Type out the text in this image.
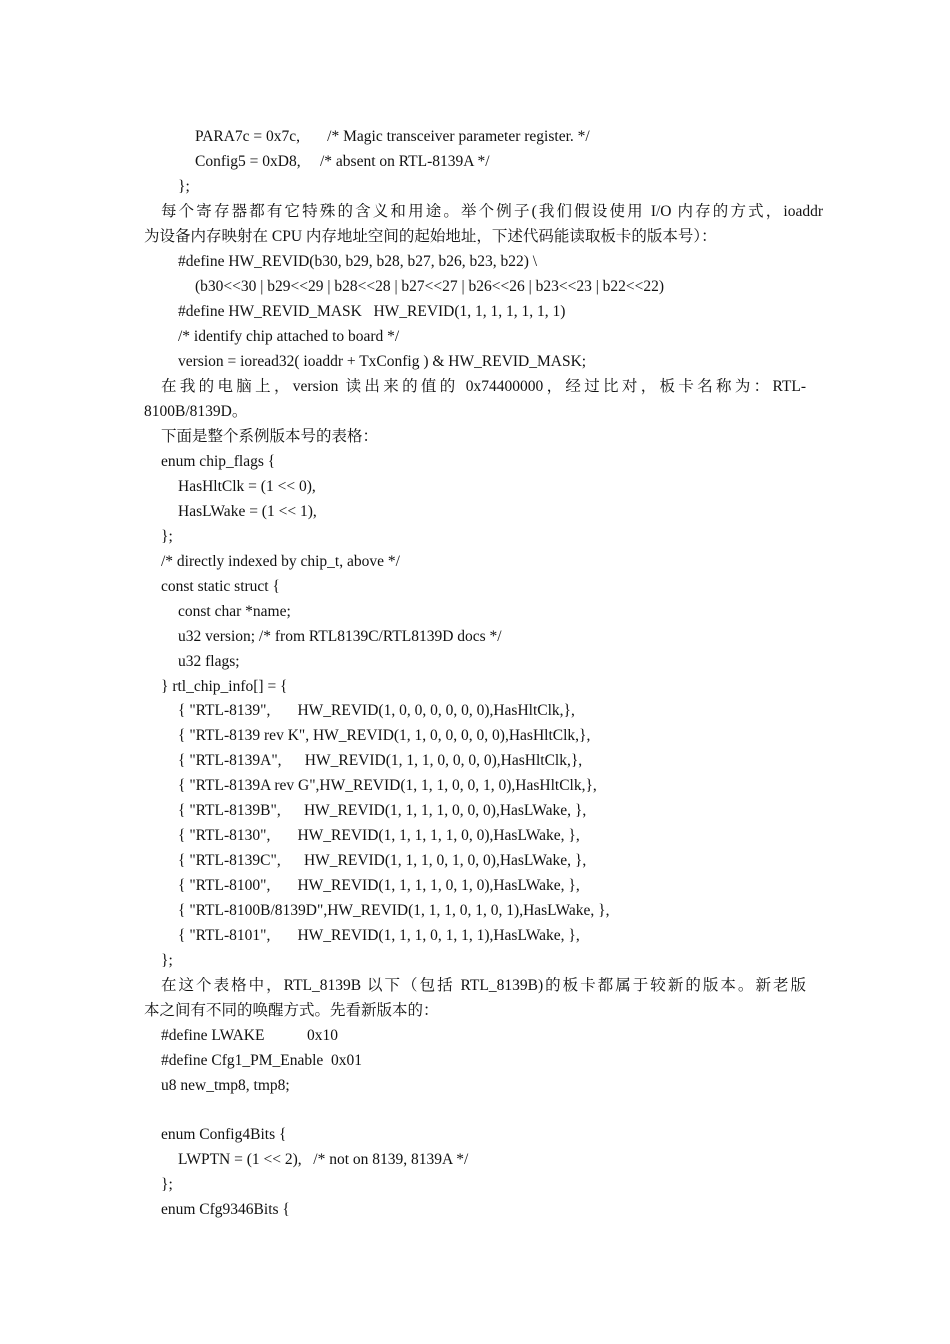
PARA7c = 0x7c,       /* Magic transceiver parameter register. */
Config5 = 0xD8,     /* absent on RTL-8139A */
};
每个寄存器都有它特殊的含义和用途。举个例子(我们假设使用 I/O 内存的方式，ioaddr
为设备内存映射在 CPU 内存地址空间的起始地址，下述代码能读取板卡的版本号）：
#define HW_REVID(b30, b29, b28, b27, b26, b23, b22) \
(b30<<30 | b29<<29 | b28<<28 | b27<<27 | b26<<26 | b23<<23 | b22<<22)
#define HW_REVID_MASK   HW_REVID(1, 1, 1, 1, 1, 1, 1)
/* identify chip attached to board */
version = ioread32( ioaddr + TxConfig ) & HW_REVID_MASK;
在我的电脑上，version 读出来的值的 0x74400000，经过比对，板卡名称为：RTL-
8100B/8139D。
下面是整个系例版本号的表格：
enum chip_flags {
HasHltClk = (1 << 0),
HasLWake = (1 << 1),
};
/* directly indexed by chip_t, above */
const static struct {
const char *name;
u32 version; /* from RTL8139C/RTL8139D docs */
u32 flags;
} rtl_chip_info[] = {
{ "RTL-8139",       HW_REVID(1, 0, 0, 0, 0, 0, 0),HasHltClk,},
{ "RTL-8139 rev K", HW_REVID(1, 1, 0, 0, 0, 0, 0),HasHltClk,},
{ "RTL-8139A",      HW_REVID(1, 1, 1, 0, 0, 0, 0),HasHltClk,},
{ "RTL-8139A rev G",HW_REVID(1, 1, 1, 0, 0, 1, 0),HasHltClk,},
{ "RTL-8139B",      HW_REVID(1, 1, 1, 1, 0, 0, 0),HasLWake, },
{ "RTL-8130",       HW_REVID(1, 1, 1, 1, 1, 0, 0),HasLWake, },
{ "RTL-8139C",      HW_REVID(1, 1, 1, 0, 1, 0, 0),HasLWake, },
{ "RTL-8100",       HW_REVID(1, 1, 1, 1, 0, 1, 0),HasLWake, },
{ "RTL-8100B/8139D",HW_REVID(1, 1, 1, 0, 1, 0, 1),HasLWake, },
{ "RTL-8101",       HW_REVID(1, 1, 1, 0, 1, 1, 1),HasLWake, },
};
在这个表格中，RTL_8139B 以下（包括 RTL_8139B)的板卡都属于较新的版本。新老版
本之间有不同的唤醒方式。先看新版本的：
#define LWAKE           0x10
#define Cfg1_PM_Enable  0x01
u8 new_tmp8, tmp8;
enum Config4Bits {
LWPTN = (1 << 2),   /* not on 8139, 8139A */
};
enum Cfg9346Bits {
